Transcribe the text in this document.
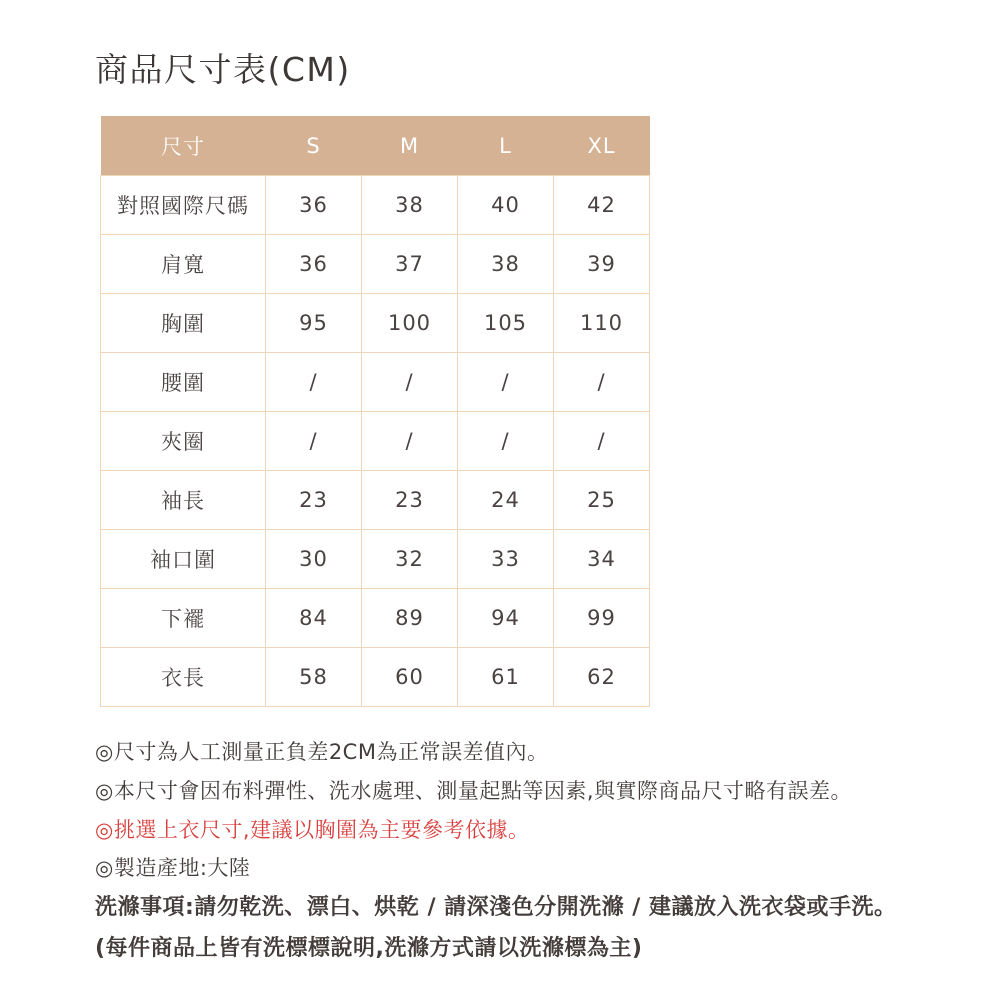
商品尺寸表(CM)
尺寸	S	M	L	XL
對照國際尺碼	36	38	40	42
肩寬	36	37	38	39
胸圍	95	100	105	110
腰圍	/	/	/	/
夾圈	/	/	/	/
袖長	23	23	24	25
袖口圍	30	32	33	34
下襬	84	89	94	99
衣長	58	60	61	62

◎尺寸為人工測量正負差2CM為正常誤差值內。

◎本尺寸會因布料彈性、洗水處理、測量起點等因素,與實際商品尺寸略有誤差。

◎挑選上衣尺寸,建議以胸圍為主要參考依據。

◎製造產地:大陸

洗滌事項:請勿乾洗、漂白、烘乾 / 請深淺色分開洗滌 / 建議放入洗衣袋或手洗。

(每件商品上皆有洗標標說明,洗滌方式請以洗滌標為主)
